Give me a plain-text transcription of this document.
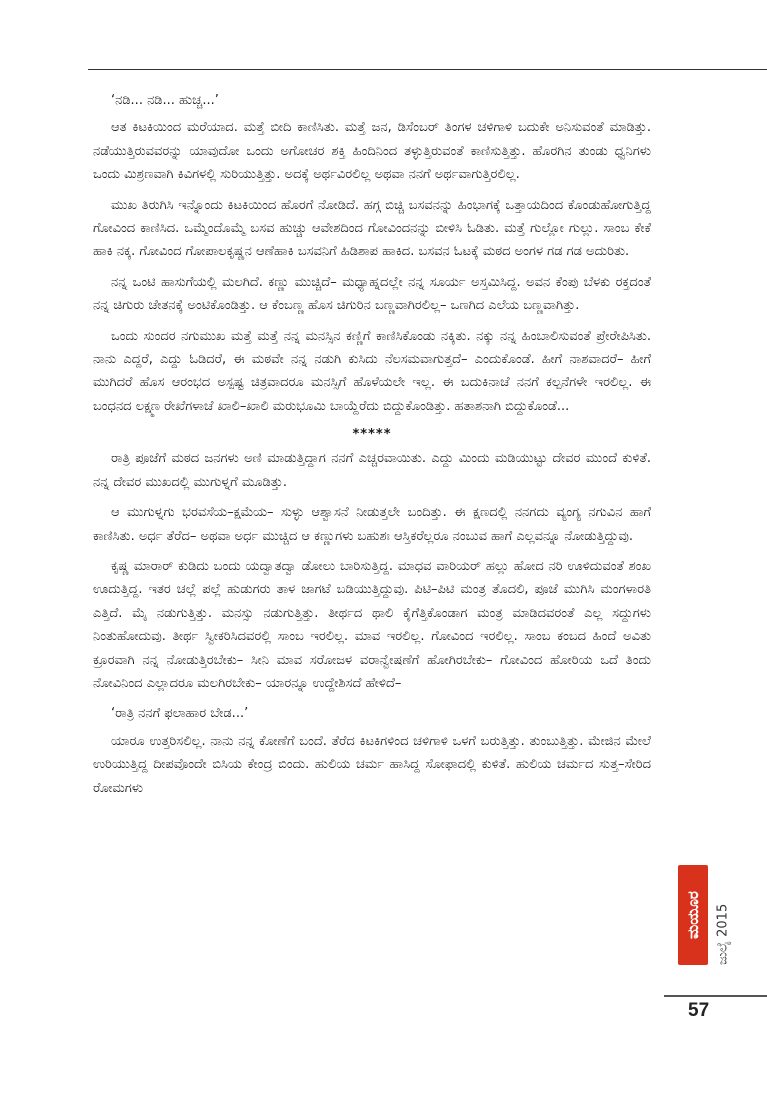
‘ನಡಿ... ನಡಿ... ಹುಚ್ಚ...’

ಆತ ಕಿಟಕಿಯಿಂದ ಮರೆಯಾದ. ಮತ್ತೆ ಬೀದಿ ಕಾಣಿಸಿತು. ಮತ್ತೆ ಜನ, ಡಿಸೆಂಬರ್ ತಿಂಗಳ ಚಳಿಗಾಳಿ ಬದುಕೇ ಅನಿಸುವಂತೆ ಮಾಡಿತ್ತು. ನಡೆಯುತ್ತಿರುವವರನ್ನು ಯಾವುದೋ ಒಂದು ಅಗೋಚರ ಶಕ್ತಿ ಹಿಂದಿನಿಂದ ತಳ್ಳುತ್ತಿರುವಂತೆ ಕಾಣಿಸುತ್ತಿತ್ತು. ಹೊರಗಿನ ತುಂಡು ಧ್ವನಿಗಳು ಒಂದು ಮಿಶ್ರಣವಾಗಿ ಕಿವಿಗಳಲ್ಲಿ ಸುರಿಯುತ್ತಿತ್ತು. ಅದಕ್ಕೆ ಅರ್ಥವಿರಲಿಲ್ಲ ಅಥವಾ ನನಗೆ ಅರ್ಥವಾಗುತ್ತಿರಲಿಲ್ಲ.

ಮುಖ ತಿರುಗಿಸಿ ಇನ್ನೊಂದು ಕಿಟಕಿಯಿಂದ ಹೊರಗೆ ನೋಡಿದೆ. ಹಗ್ಗ ಬಿಚ್ಚಿ ಬಸವನನ್ನು ಹಿಂಭಾಗಕ್ಕೆ ಒತ್ತಾಯದಿಂದ ಕೊಂಡುಹೋಗುತ್ತಿದ್ದ ಗೋವಿಂದ ಕಾಣಿಸಿದ. ಒಮ್ಮೆಂದೊಮ್ಮೆ ಬಸವ ಹುಚ್ಚು ಆವೇಶದಿಂದ ಗೋವಿಂದನನ್ನು ಬೀಳಿಸಿ ಓಡಿತು. ಮತ್ತೆ ಗುಲ್ಲೋ ಗುಲ್ಲು. ಸಾಂಬ ಕೇಕೆ ಹಾಕಿ ನಕ್ಕ. ಗೋವಿಂದ ಗೋಪಾಲಕೃಷ್ಣನ ಆಣೆಹಾಕಿ ಬಸವನಿಗೆ ಹಿಡಿಶಾಪ ಹಾಕಿದ. ಬಸವನ ಓಟಕ್ಕೆ ಮಠದ ಅಂಗಳ ಗಡ ಗಡ ಅದುರಿತು.

ನನ್ನ ಒಂಟಿ ಹಾಸುಗೆಯಲ್ಲಿ ಮಲಗಿದೆ. ಕಣ್ಣು ಮುಚ್ಚಿದೆ– ಮಧ್ಯಾಹ್ನದಲ್ಲೇ ನನ್ನ ಸೂರ್ಯ ಅಸ್ತಮಿಸಿದ್ದ. ಅವನ ಕೆಂಪು ಬೆಳಕು ರಕ್ತದಂತೆ ನನ್ನ ಚಿಗುರು ಚೇತನಕ್ಕೆ ಅಂಟಿಕೊಂಡಿತ್ತು. ಆ ಕೆಂಬಣ್ಣ ಹೊಸ ಚಿಗುರಿನ ಬಣ್ಣವಾಗಿರಲಿಲ್ಲ– ಒಣಗಿದ ಎಲೆಯ ಬಣ್ಣವಾಗಿತ್ತು.

ಒಂದು ಸುಂದರ ನಗುಮುಖ ಮತ್ತೆ ಮತ್ತೆ ನನ್ನ ಮನಸ್ಸಿನ ಕಣ್ಣಿಗೆ ಕಾಣಿಸಿಕೊಂಡು ನಕ್ಕಿತು. ನಕ್ಕು ನನ್ನ ಹಿಂಬಾಲಿಸುವಂತೆ ಪ್ರೇರೇಪಿಸಿತು. ನಾನು ಎದ್ದರೆ, ಎದ್ದು ಓಡಿದರೆ, ಈ ಮಠವೇ ನನ್ನ ನಡುಗಿ ಕುಸಿದು ನೆಲಸಮವಾಗುತ್ತದೆ– ಎಂದುಕೊಂಡೆ. ಹೀಗೆ ನಾಶವಾದರೆ– ಹೀಗೆ ಮುಗಿದರೆ ಹೊಸ ಆರಂಭದ ಅಸ್ಪಷ್ಟ ಚಿತ್ರವಾದರೂ ಮನಸ್ಸಿಗೆ ಹೊಳೆಯಲೇ ಇಲ್ಲ. ಈ ಬದುಕಿನಾಚೆ ನನಗೆ ಕಲ್ಪನೆಗಳೇ ಇರಲಿಲ್ಲ. ಈ ಬಂಧನದ ಲಕ್ಷ್ಮಣ ರೇಖೆಗಳಾಚೆ ಖಾಲಿ–ಖಾಲಿ ಮರುಭೂಮಿ ಬಾಯ್ದೆರೆದು ಬಿದ್ದುಕೊಂಡಿತ್ತು. ಹತಾಶನಾಗಿ ಬಿದ್ದುಕೊಂಡೆ...

*****

ರಾತ್ರಿ ಪೂಜೆಗೆ ಮಠದ ಜನಗಳು ಅಣಿ ಮಾಡುತ್ತಿದ್ದಾಗ ನನಗೆ ಎಚ್ಚರವಾಯಿತು. ಎದ್ದು ಮಿಂದು ಮಡಿಯುಟ್ಟು ದೇವರ ಮುಂದೆ ಕುಳಿತೆ. ನನ್ನ ದೇವರ ಮುಖದಲ್ಲಿ ಮುಗುಳ್ನಗೆ ಮೂಡಿತ್ತು.

ಆ ಮುಗುಳ್ನಗು ಭರವಸೆಯ–ಕ್ಷಮೆಯ– ಸುಳ್ಳು ಆಶ್ವಾಸನೆ ನೀಡುತ್ತಲೇ ಬಂದಿತ್ತು. ಈ ಕ್ಷಣದಲ್ಲಿ ನನಗದು ವ್ಯಂಗ್ಯ ನಗುವಿನ ಹಾಗೆ ಕಾಣಿಸಿತು. ಅರ್ಧ ತೆರೆದ– ಅಥವಾ ಅರ್ಧ ಮುಚ್ಚಿದ ಆ ಕಣ್ಣುಗಳು ಬಹುಶಃ ಆಸ್ತಿಕರೆಲ್ಲರೂ ನಂಬುವ ಹಾಗೆ ಎಲ್ಲವನ್ನೂ ನೋಡುತ್ತಿದ್ದುವು.

ಕೃಷ್ಣ ಮಾರಾರ್ ಕುಡಿದು ಬಂದು ಯದ್ವಾತದ್ವಾ ಡೋಲು ಬಾರಿಸುತ್ತಿದ್ದ. ಮಾಧವ ವಾರಿಯರ್ ಹಲ್ಲು ಹೋದ ನರಿ ಊಳಿದುವಂತೆ ಶಂಖ ಊದುತ್ತಿದ್ದ. ಇತರ ಚಲ್ಲೆ ಪಲ್ಲೆ ಹುಡುಗರು ತಾಳ ಜಾಗಟೆ ಬಡಿಯುತ್ತಿದ್ದುವು. ಪಿಟಿ–ಪಿಟಿ ಮಂತ್ರ ತೊದಲಿ, ಪೂಜೆ ಮುಗಿಸಿ ಮಂಗಳಾರತಿ ಎತ್ತಿದೆ. ಮೈ ನಡುಗುತ್ತಿತ್ತು. ಮನಸ್ಸು ನಡುಗುತ್ತಿತ್ತು. ತೀರ್ಥದ ಥಾಲಿ ಕೈಗೆತ್ತಿಕೊಂಡಾಗ ಮಂತ್ರ ಮಾಡಿದವರಂತೆ ಎಲ್ಲ ಸದ್ದುಗಳು ನಿಂತುಹೋದುವು. ತೀರ್ಥ ಸ್ವೀಕರಿಸಿದವರಲ್ಲಿ ಸಾಂಬ ಇರಲಿಲ್ಲ. ಮಾವ ಇರಲಿಲ್ಲ. ಗೋವಿಂದ ಇರಲಿಲ್ಲ. ಸಾಂಬ ಕಂಬದ ಹಿಂದೆ ಅವಿತು ಕ್ರೂರವಾಗಿ ನನ್ನ ನೋಡುತ್ತಿರಬೇಕು– ಸೀನಿ ಮಾವ ಸರೋಜಳ ವರಾನ್ವೇಷಣೆಗೆ ಹೋಗಿರಬೇಕು– ಗೋವಿಂದ ಹೋರಿಯ ಒದೆ ತಿಂದು ನೋವಿನಿಂದ ಎಲ್ಲಾದರೂ ಮಲಗಿರಬೇಕು– ಯಾರನ್ನೂ ಉದ್ದೇಶಿಸದೆ ಹೇಳಿದೆ–

‘ರಾತ್ರಿ ನನಗೆ ಫಲಾಹಾರ ಬೇಡ...’

ಯಾರೂ ಉತ್ತರಿಸಲಿಲ್ಲ. ನಾನು ನನ್ನ ಕೋಣೆಗೆ ಬಂದೆ. ತೆರೆದ ಕಿಟಕಿಗಳಿಂದ ಚಳಿಗಾಳಿ ಒಳಗೆ ಬರುತ್ತಿತ್ತು. ತುಂಬುತ್ತಿತ್ತು. ಮೇಜಿನ ಮೇಲೆ ಉರಿಯುತ್ತಿದ್ದ ದೀಪವೊಂದೇ ಬಿಸಿಯ ಕೇಂದ್ರ ಬಿಂದು. ಹುಲಿಯ ಚರ್ಮ ಹಾಸಿದ್ದ ಸೋಫಾದಲ್ಲಿ ಕುಳಿತೆ. ಹುಲಿಯ ಚರ್ಮದ ಸುತ್ತ–ಸೇರಿದ ರೋಮಗಳು

ಮಯೂರ	ಜುಲೈ 2015
57
